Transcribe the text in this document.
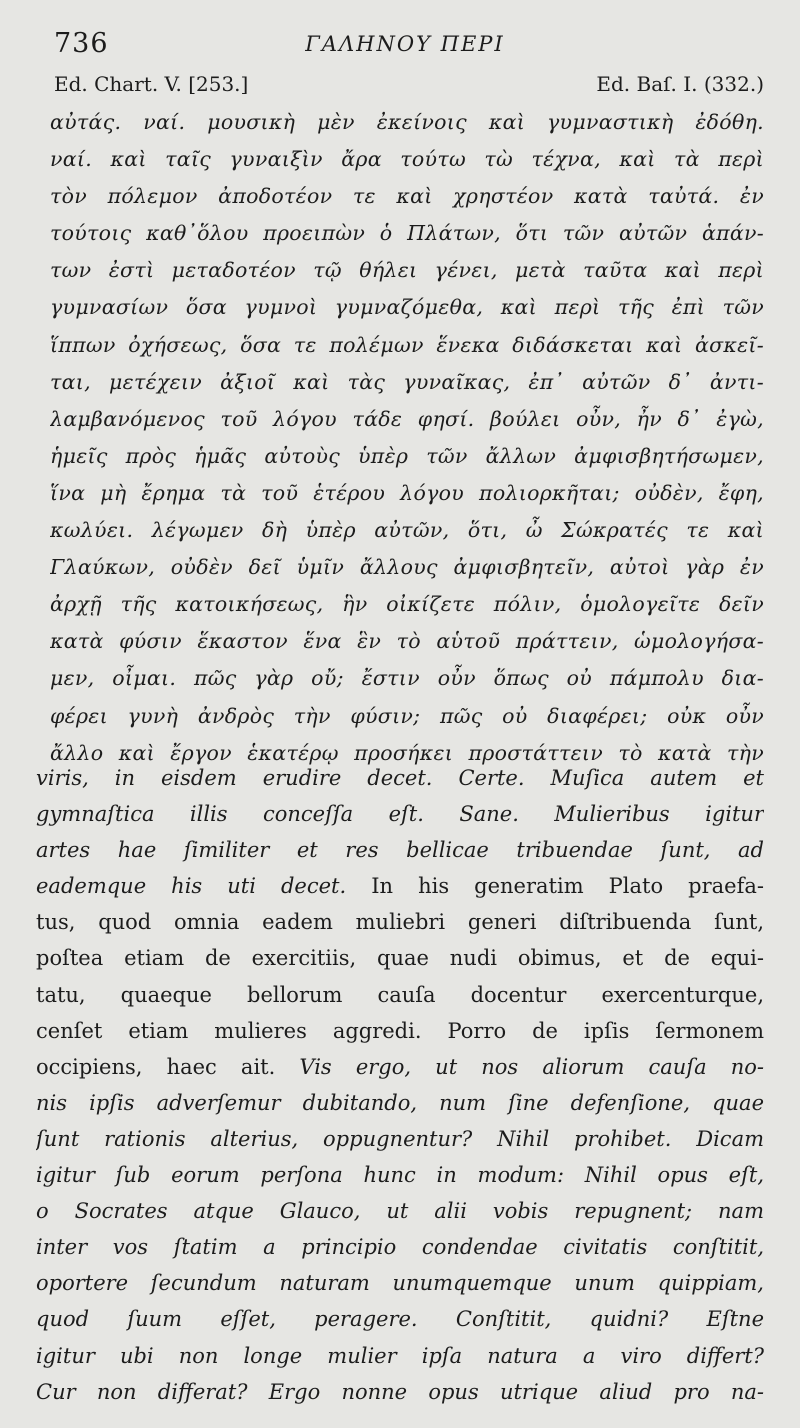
736	ΓΑΛΗΝΟΥ ΠΕΡΙ
Ed. Chart. V. [253.]	Ed. Baſ. I. (332.)
αὐτάς. ναί. μουσικὴ μὲν ἐκείνοις καὶ γυμναστικὴ ἐδόθη.
ναί. καὶ ταῖς γυναιξὶν ἄρα τούτω τὼ τέχνα, καὶ τὰ περὶ
τὸν πόλεμον ἀποδοτέον τε καὶ χρηστέον κατὰ ταὐτά. ἐν
τούτοις καθ᾽ὅλου προειπὼν ὁ Πλάτων, ὅτι τῶν αὐτῶν ἁπάν-
των ἐστὶ μεταδοτέον τῷ θήλει γένει, μετὰ ταῦτα καὶ περὶ
γυμνασίων ὅσα γυμνοὶ γυμναζόμεθα, καὶ περὶ τῆς ἐπὶ τῶν
ἵππων ὀχήσεως, ὅσα τε πολέμων ἕνεκα διδάσκεται καὶ ἀσκεῖ-
ται, μετέχειν ἀξιοῖ καὶ τὰς γυναῖκας, ἐπ᾽ αὐτῶν δ᾽ ἀντι-
λαμβανόμενος τοῦ λόγου τάδε φησί. βούλει οὖν, ἦν δ᾽ ἐγὼ,
ἡμεῖς πρὸς ἡμᾶς αὐτοὺς ὑπὲρ τῶν ἄλλων ἀμφισβητήσωμεν,
ἵνα μὴ ἔρημα τὰ τοῦ ἑτέρου λόγου πολιορκῆται; οὐδὲν, ἔφη,
κωλύει. λέγωμεν δὴ ὑπὲρ αὐτῶν, ὅτι, ὦ Σώκρατές τε καὶ
Γλαύκων, οὐδὲν δεῖ ὑμῖν ἄλλους ἀμφισβητεῖν, αὐτοὶ γὰρ ἐν
ἀρχῇ τῆς κατοικήσεως, ἣν οἰκίζετε πόλιν, ὁμολογεῖτε δεῖν
κατὰ φύσιν ἕκαστον ἕνα ἓν τὸ αὑτοῦ πράττειν, ὡμολογήσα-
μεν, οἶμαι. πῶς γὰρ οὔ; ἔστιν οὖν ὅπως οὐ πάμπολυ δια-
φέρει γυνὴ ἀνδρὸς τὴν φύσιν; πῶς οὐ διαφέρει; οὐκ οὖν
ἄλλο καὶ ἔργον ἑκατέρῳ προσήκει προστάττειν τὸ κατὰ τὴν
viris, in eisdem erudire decet. Certe. Muſica autem et
gymnaſtica illis conceſſa eſt. Sane. Mulieribus igitur
artes hae ſimiliter et res bellicae tribuendae ſunt, ad
eademque his uti decet. In his generatim Plato praefa-
tus, quod omnia eadem muliebri generi diſtribuenda ſunt,
poſtea etiam de exercitiis, quae nudi obimus, et de equi-
tatu, quaeque bellorum cauſa docentur exercenturque,
cenſet etiam mulieres aggredi. Porro de ipſis ſermonem
occipiens, haec ait. Vis ergo, ut nos aliorum cauſa no-
nis ipſis adverſemur dubitando, num ſine defenſione, quae
ſunt rationis alterius, oppugnentur? Nihil prohibet. Dicam
igitur ſub eorum perſona hunc in modum: Nihil opus eſt,
o Socrates atque Glauco, ut alii vobis repugnent; nam
inter vos ſtatim a principio condendae civitatis conſtitit,
oportere ſecundum naturam unumquemque unum quippiam,
quod ſuum eſſet, peragere. Conſtitit, quidni? Eſtne
igitur ubi non longe mulier ipſa natura a viro differt?
Cur non differat? Ergo nonne opus utrique aliud pro na-
